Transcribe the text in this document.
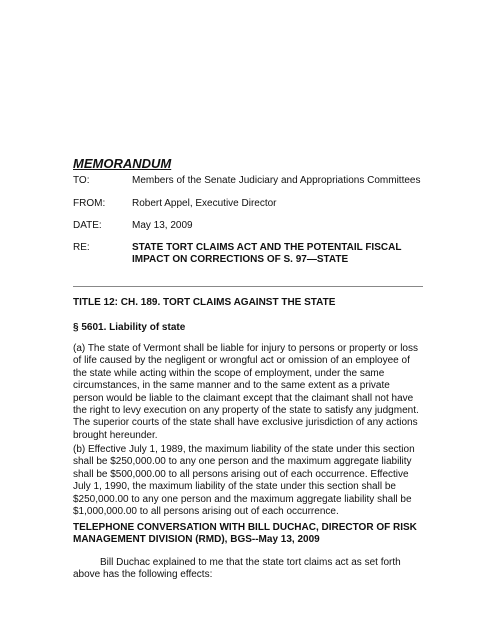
MEMORANDUM
TO:	Members of the Senate Judiciary and Appropriations Committees
FROM:	Robert Appel, Executive Director
DATE:	May 13, 2009
RE:	STATE TORT CLAIMS ACT AND THE POTENTAIL FISCAL
IMPACT ON CORRECTIONS OF S. 97—STATE
TITLE 12: CH. 189. TORT CLAIMS AGAINST THE STATE
§ 5601. Liability of state
(a) The state of Vermont shall be liable for injury to persons or property or loss of life caused by the negligent or wrongful act or omission of an employee of the state while acting within the scope of employment, under the same circumstances, in the same manner and to the same extent as a private person would be liable to the claimant except that the claimant shall not have the right to levy execution on any property of the state to satisfy any judgment. The superior courts of the state shall have exclusive jurisdiction of any actions brought hereunder.
(b) Effective July 1, 1989, the maximum liability of the state under this section shall be $250,000.00 to any one person and the maximum aggregate liability shall be $500,000.00 to all persons arising out of each occurrence. Effective July 1, 1990, the maximum liability of the state under this section shall be $250,000.00 to any one person and the maximum aggregate liability shall be $1,000,000.00 to all persons arising out of each occurrence.
TELEPHONE CONVERSATION WITH BILL DUCHAC, DIRECTOR OF RISK MANAGEMENT DIVISION (RMD), BGS--May 13, 2009
Bill Duchac explained to me that the state tort claims act as set forth above has the following effects:
